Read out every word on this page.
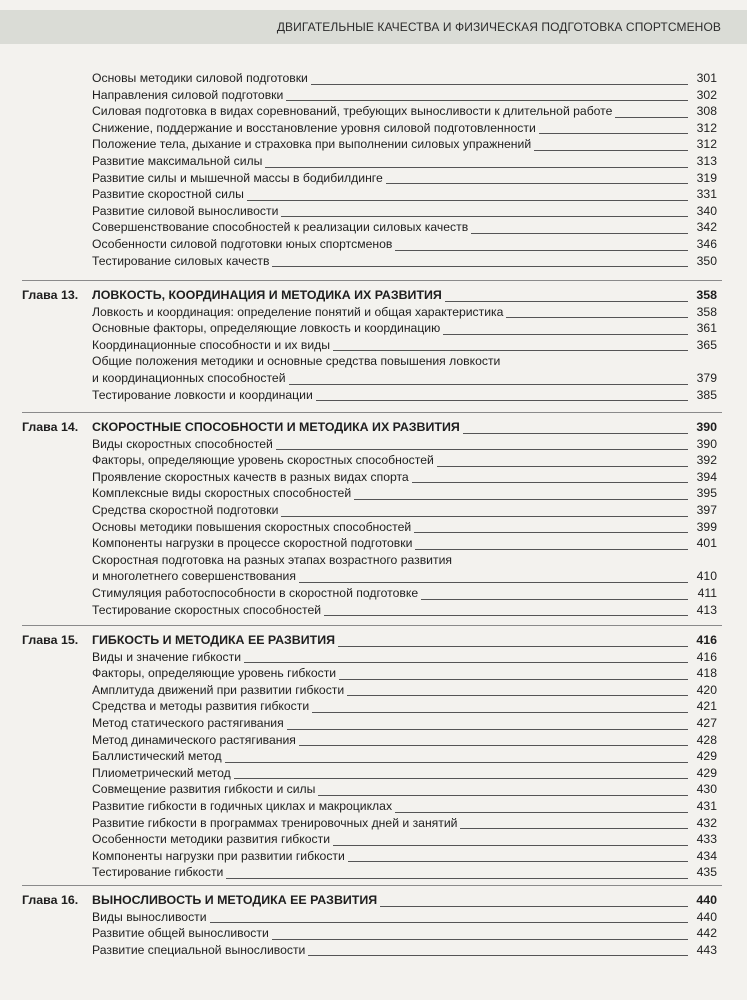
ДВИГАТЕЛЬНЫЕ КАЧЕСТВА И ФИЗИЧЕСКАЯ ПОДГОТОВКА СПОРТСМЕНОВ
Основы методики силовой подготовки	301
Направления силовой подготовки	302
Силовая подготовка в видах соревнований, требующих выносливости к длительной работе	308
Снижение, поддержание и восстановление уровня силовой подготовленности	312
Положение тела, дыхание и страховка при выполнении силовых упражнений	312
Развитие максимальной силы	313
Развитие силы и мышечной массы в бодибилдинге	319
Развитие скоростной силы	331
Развитие силовой выносливости	340
Совершенствование способностей к реализации силовых качеств	342
Особенности силовой подготовки юных спортсменов	346
Тестирование силовых качеств	350
Глава 13. ЛОВКОСТЬ, КООРДИНАЦИЯ И МЕТОДИКА ИХ РАЗВИТИЯ	358
Ловкость и координация: определение понятий и общая характеристика	358
Основные факторы, определяющие ловкость и координацию	361
Координационные способности и их виды	365
Общие положения методики и основные средства повышения ловкости
и координационных способностей	379
Тестирование ловкости и координации	385
Глава 14. СКОРОСТНЫЕ СПОСОБНОСТИ И МЕТОДИКА ИХ РАЗВИТИЯ	390
Виды скоростных способностей	390
Факторы, определяющие уровень скоростных способностей	392
Проявление скоростных качеств в разных видах спорта	394
Комплексные виды скоростных способностей	395
Средства скоростной подготовки	397
Основы методики повышения скоростных способностей	399
Компоненты нагрузки в процессе скоростной подготовки	401
Скоростная подготовка на разных этапах возрастного развития
и многолетнего совершенствования	410
Стимуляция работоспособности в скоростной подготовке	411
Тестирование скоростных способностей	413
Глава 15. ГИБКОСТЬ И МЕТОДИКА ЕЕ РАЗВИТИЯ	416
Виды и значение гибкости	416
Факторы, определяющие уровень гибкости	418
Амплитуда движений при развитии гибкости	420
Средства и методы развития гибкости	421
Метод статического растягивания	427
Метод динамического растягивания	428
Баллистический метод	429
Плиометрический метод	429
Совмещение развития гибкости и силы	430
Развитие гибкости в годичных циклах и макроциклах	431
Развитие гибкости в программах тренировочных дней и занятий	432
Особенности методики развития гибкости	433
Компоненты нагрузки при развитии гибкости	434
Тестирование гибкости	435
Глава 16. ВЫНОСЛИВОСТЬ И МЕТОДИКА ЕЕ РАЗВИТИЯ	440
Виды выносливости	440
Развитие общей выносливости	442
Развитие специальной выносливости	443
